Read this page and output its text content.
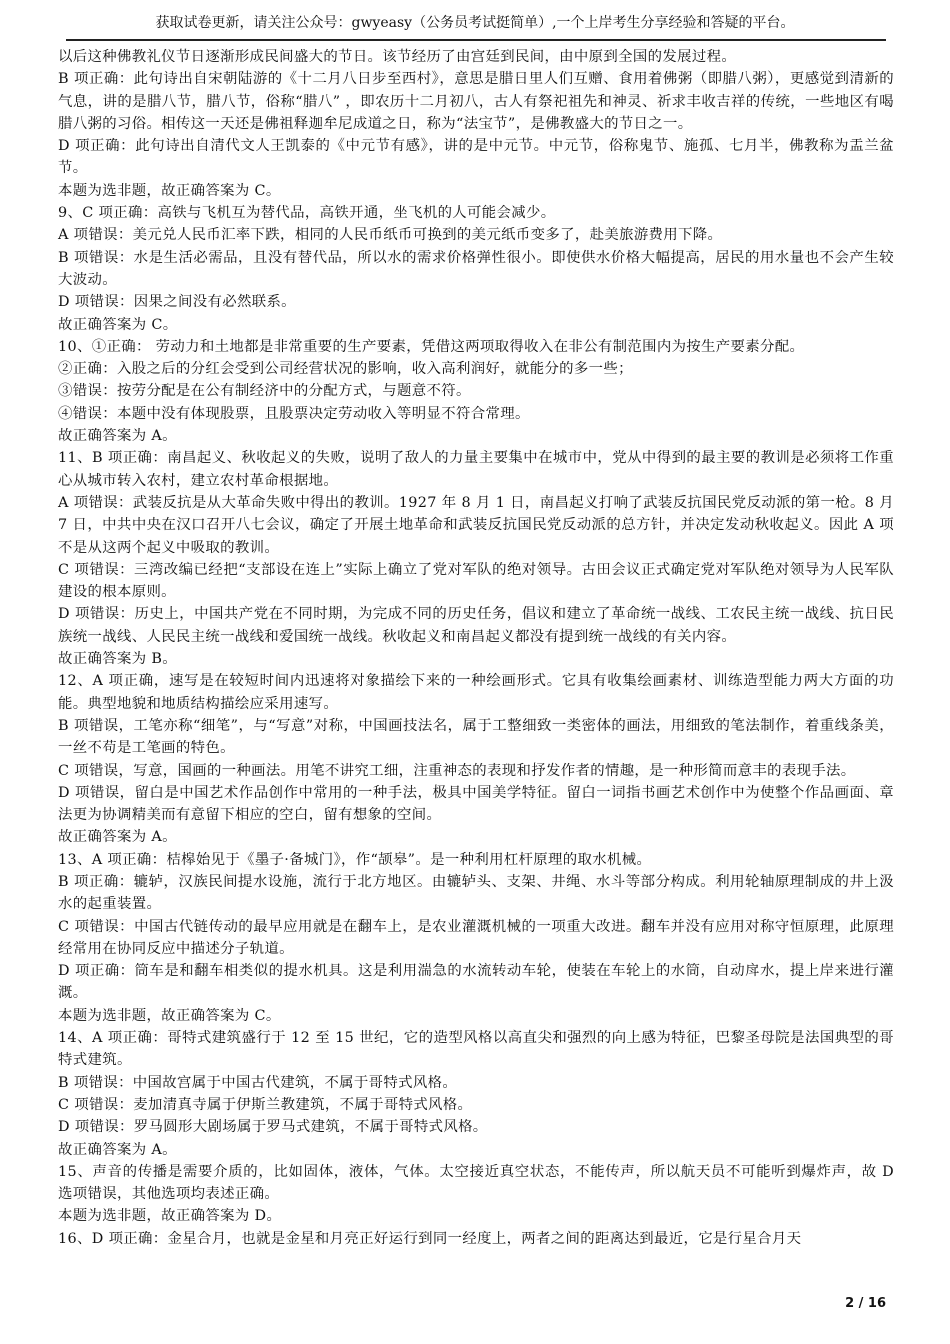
获取试卷更新，请关注公众号：gwyeasy（公务员考试挺简单）,一个上岸考生分享经验和答疑的平台。

以后这种佛教礼仪节日逐渐形成民间盛大的节日。该节经历了由宫廷到民间，由中原到全国的发展过程。

B 项正确：此句诗出自宋朝陆游的《十二月八日步至西村》，意思是腊日里人们互赠、食用着佛粥（即腊八粥），更感觉到清新的气息，讲的是腊八节，腊八节，俗称“腊八” ，即农历十二月初八，古人有祭祀祖先和神灵、祈求丰收吉祥的传统，一些地区有喝腊八粥的习俗。相传这一天还是佛祖释迦牟尼成道之日，称为“法宝节”，是佛教盛大的节日之一。

D 项正确：此句诗出自清代文人王凯泰的《中元节有感》，讲的是中元节。中元节，俗称鬼节、施孤、七月半，佛教称为盂兰盆节。

本题为选非题，故正确答案为 C。

9、C 项正确：高铁与飞机互为替代品，高铁开通，坐飞机的人可能会减少。

A 项错误：美元兑人民币汇率下跌，相同的人民币纸币可换到的美元纸币变多了，赴美旅游费用下降。

B 项错误：水是生活必需品，且没有替代品，所以水的需求价格弹性很小。即使供水价格大幅提高，居民的用水量也不会产生较大波动。

D 项错误：因果之间没有必然联系。

故正确答案为 C。

10、①正确： 劳动力和土地都是非常重要的生产要素，凭借这两项取得收入在非公有制范围内为按生产要素分配。

②正确：入股之后的分红会受到公司经营状况的影响，收入高利润好，就能分的多一些；

③错误：按劳分配是在公有制经济中的分配方式，与题意不符。

④错误：本题中没有体现股票，且股票决定劳动收入等明显不符合常理。

故正确答案为 A。

11、B 项正确：南昌起义、秋收起义的失败，说明了敌人的力量主要集中在城市中，党从中得到的最主要的教训是必须将工作重心从城市转入农村，建立农村革命根据地。

A 项错误：武装反抗是从大革命失败中得出的教训。1927 年 8 月 1 日，南昌起义打响了武装反抗国民党反动派的第一枪。8 月 7 日，中共中央在汉口召开八七会议，确定了开展土地革命和武装反抗国民党反动派的总方针，并决定发动秋收起义。因此 A 项不是从这两个起义中吸取的教训。

C 项错误：三湾改编已经把“支部设在连上”实际上确立了党对军队的绝对领导。古田会议正式确定党对军队绝对领导为人民军队建设的根本原则。

D 项错误：历史上，中国共产党在不同时期，为完成不同的历史任务，倡议和建立了革命统一战线、工农民主统一战线、抗日民族统一战线、人民民主统一战线和爱国统一战线。秋收起义和南昌起义都没有提到统一战线的有关内容。

故正确答案为 B。

12、A 项正确，速写是在较短时间内迅速将对象描绘下来的一种绘画形式。它具有收集绘画素材、训练造型能力两大方面的功能。典型地貌和地质结构描绘应采用速写。

B 项错误，工笔亦称“细笔”，与“写意”对称，中国画技法名，属于工整细致一类密体的画法，用细致的笔法制作，着重线条美，一丝不苟是工笔画的特色。

C 项错误，写意，国画的一种画法。用笔不讲究工细，注重神态的表现和抒发作者的情趣，是一种形简而意丰的表现手法。

D 项错误，留白是中国艺术作品创作中常用的一种手法，极具中国美学特征。留白一词指书画艺术创作中为使整个作品画面、章法更为协调精美而有意留下相应的空白，留有想象的空间。

故正确答案为 A。

13、A 项正确：桔槔始见于《墨子·备城门》，作“颉皋”。是一种利用杠杆原理的取水机械。

B 项正确：辘轳，汉族民间提水设施，流行于北方地区。由辘轳头、支架、井绳、水斗等部分构成。利用轮轴原理制成的井上汲水的起重装置。

C 项错误：中国古代链传动的最早应用就是在翻车上，是农业灌溉机械的一项重大改进。翻车并没有应用对称守恒原理，此原理经常用在协同反应中描述分子轨道。

D 项正确：筒车是和翻车相类似的提水机具。这是利用湍急的水流转动车轮，使装在车轮上的水筒，自动戽水，提上岸来进行灌溉。

本题为选非题，故正确答案为 C。

14、A 项正确：哥特式建筑盛行于 12 至 15 世纪，它的造型风格以高直尖和强烈的向上感为特征，巴黎圣母院是法国典型的哥特式建筑。

B 项错误：中国故宫属于中国古代建筑，不属于哥特式风格。

C 项错误：麦加清真寺属于伊斯兰教建筑，不属于哥特式风格。

D 项错误：罗马圆形大剧场属于罗马式建筑，不属于哥特式风格。

故正确答案为 A。

15、声音的传播是需要介质的，比如固体，液体，气体。太空接近真空状态，不能传声，所以航天员不可能听到爆炸声，故 D 选项错误，其他选项均表述正确。

本题为选非题，故正确答案为 D。

16、D 项正确：金星合月，也就是金星和月亮正好运行到同一经度上，两者之间的距离达到最近，它是行星合月天

2 / 16
